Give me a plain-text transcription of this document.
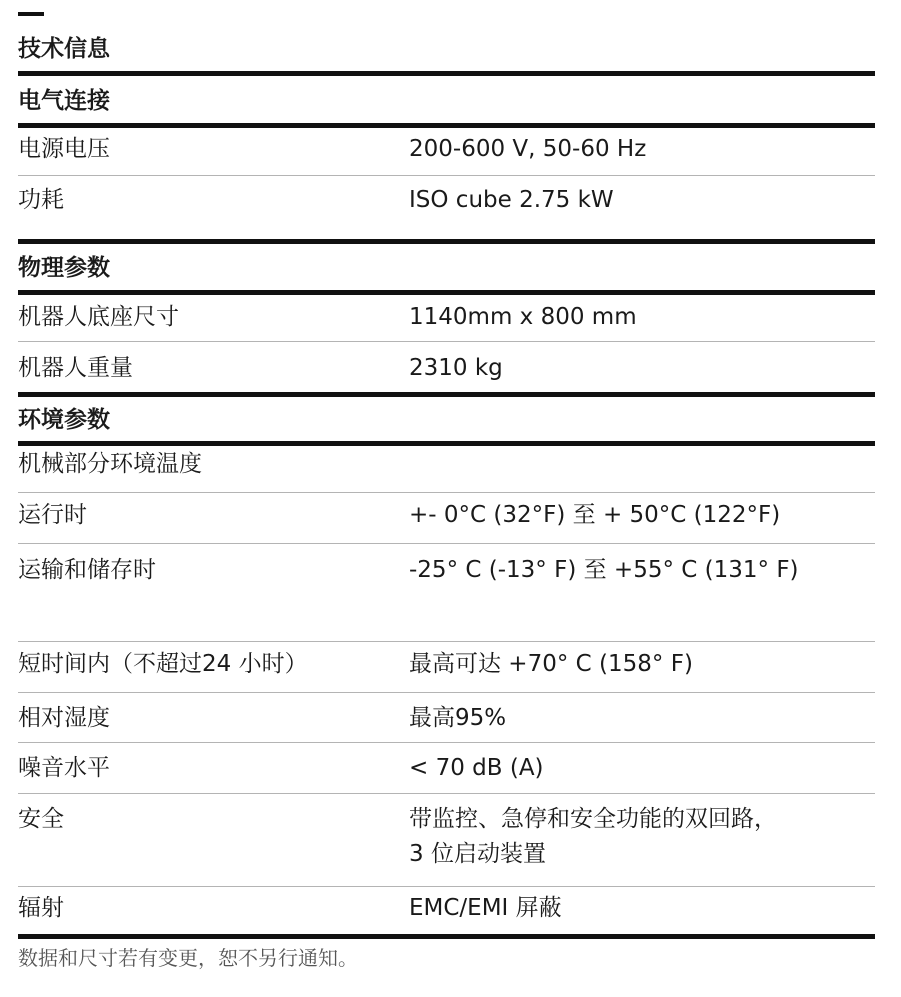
技术信息
电气连接
电源电压	200-600 V, 50-60 Hz
功耗	ISO cube 2.75 kW
物理参数
机器人底座尺寸	1140mm x 800 mm
机器人重量	2310 kg
环境参数
机械部分环境温度
运行时	+- 0°C (32°F) 至 + 50°C (122°F)
运输和储存时	-25° C (-13° F) 至 +55° C (131° F)
短时间内（不超过24 小时）	最高可达 +70° C (158° F)
相对湿度	最高95%
噪音水平	< 70 dB (A)
安全	带监控、急停和安全功能的双回路，
3 位启动装置
辐射	EMC/EMI 屏蔽
数据和尺寸若有变更，恕不另行通知。
